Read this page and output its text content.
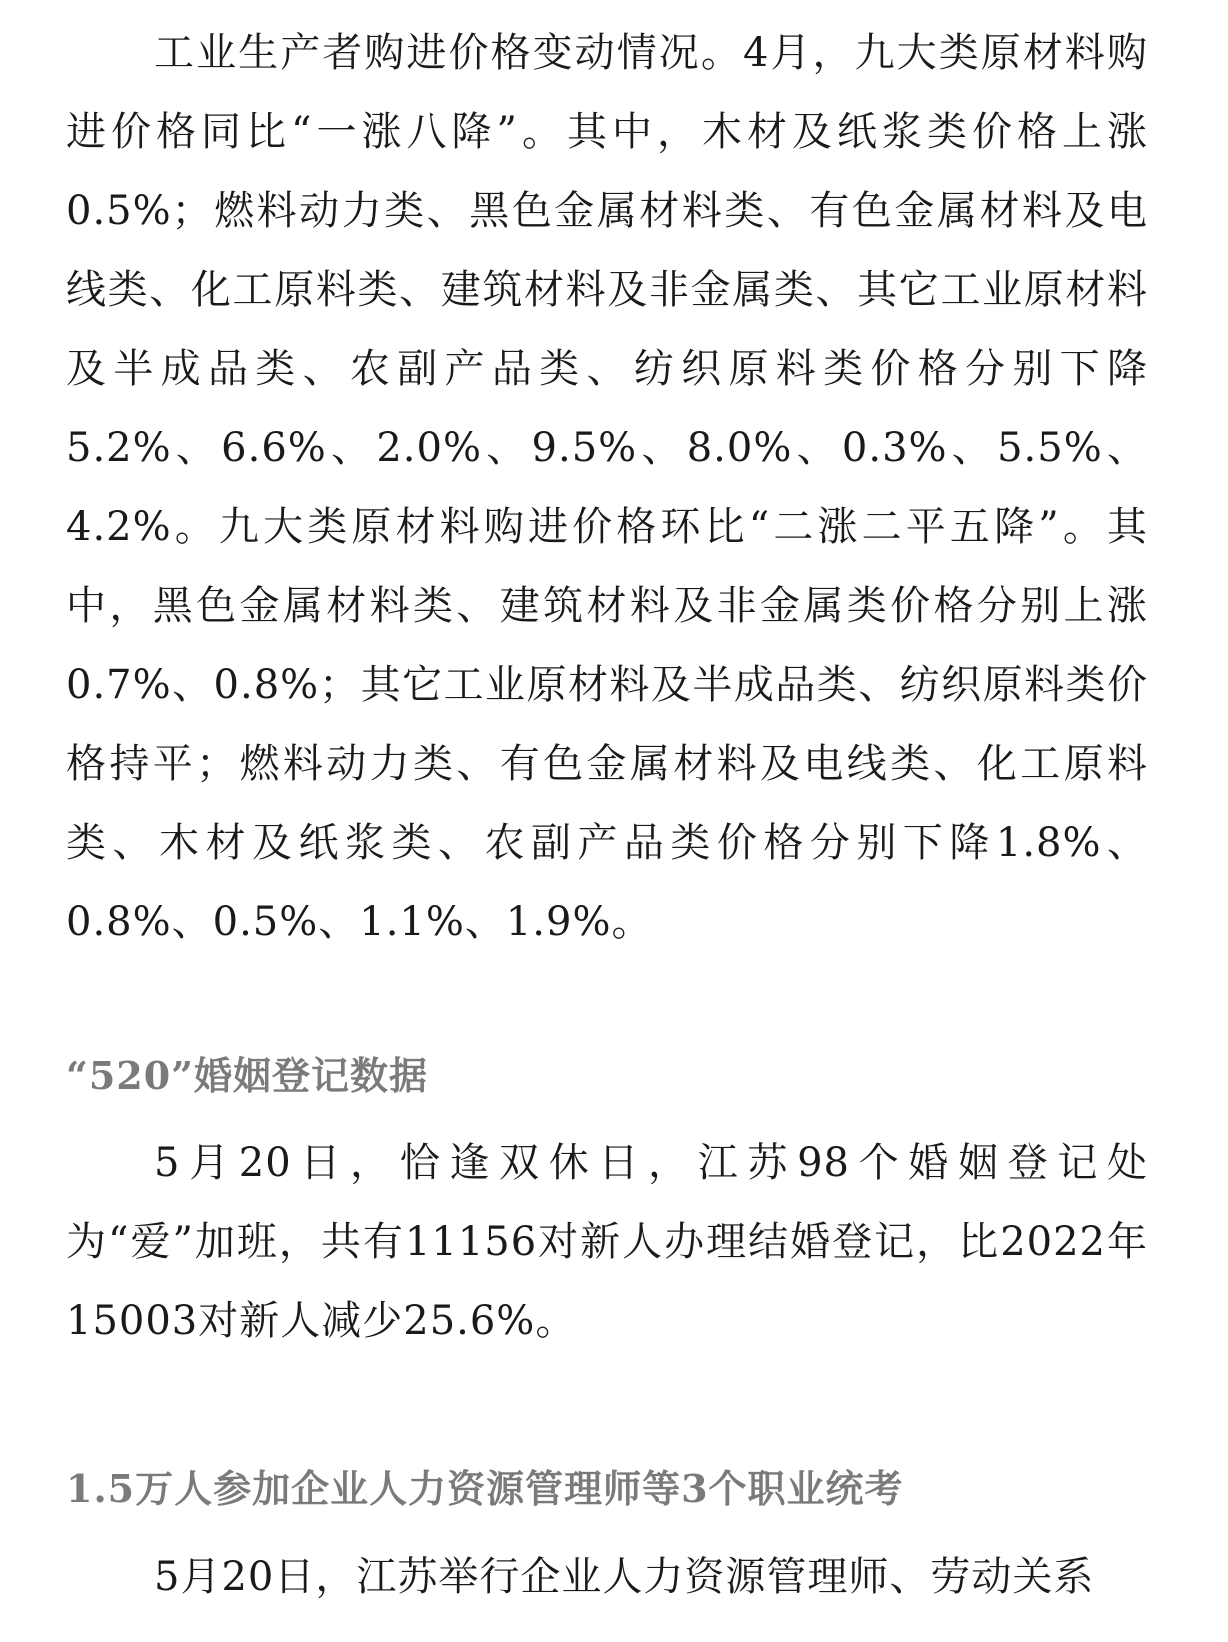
工业生产者购进价格变动情况。4月，九大类原材料购进价格同比“一涨八降”。其中，木材及纸浆类价格上涨0.5%；燃料动力类、黑色金属材料类、有色金属材料及电线类、化工原料类、建筑材料及非金属类、其它工业原材料及半成品类、农副产品类、纺织原料类价格分别下降5.2%、6.6%、2.0%、9.5%、8.0%、0.3%、5.5%、4.2%。九大类原材料购进价格环比“二涨二平五降”。其中，黑色金属材料类、建筑材料及非金属类价格分别上涨0.7%、0.8%；其它工业原材料及半成品类、纺织原料类价格持平；燃料动力类、有色金属材料及电线类、化工原料类、木材及纸浆类、农副产品类价格分别下降1.8%、0.8%、0.5%、1.1%、1.9%。

“520”婚姻登记数据

5月20日，恰逢双休日，江苏98个婚姻登记处为“爱”加班，共有11156对新人办理结婚登记，比2022年15003对新人减少25.6%。

1.5万人参加企业人力资源管理师等3个职业统考

5月20日，江苏举行企业人力资源管理师、劳动关系
